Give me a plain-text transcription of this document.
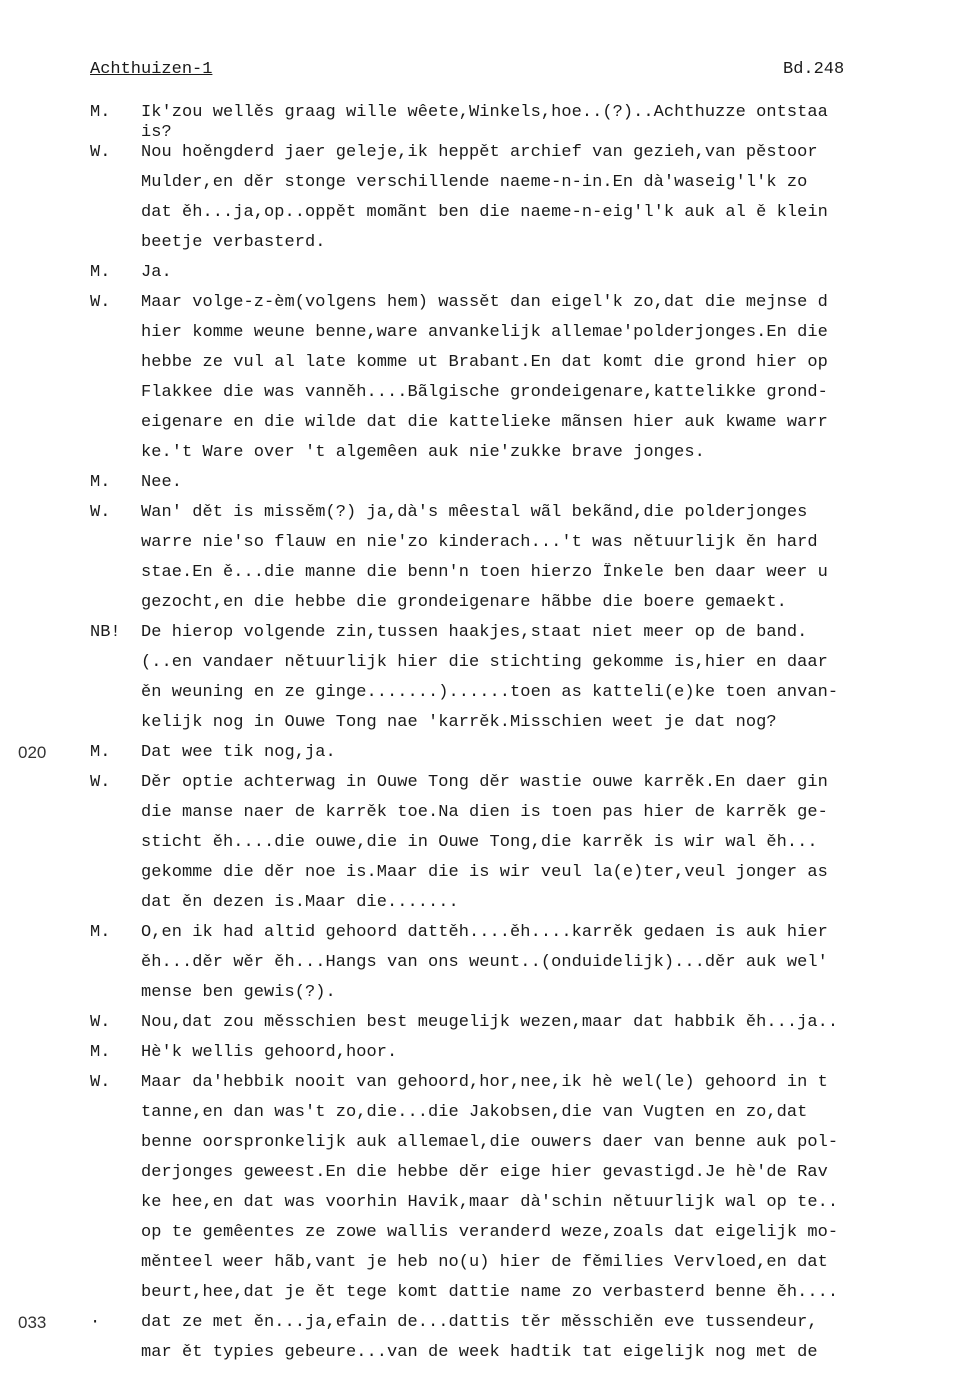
Achthuizen-1	Bd.248
M. Ik'zou wellěs graag wille wêete,Winkels,hoe..(?)..Achthuzze ontstaa
is?
W. Nou hoěngderd jaer geleje,ik heppět archief van gezieh,van pěstoor
Mulder,en děr stonge verschillende naeme-n-in.En dà'waseig'l'k zo
dat ěh...ja,op..oppět momãnt ben die naeme-n-eig'l'k auk al ě klein
beetje verbasterd.
M. Ja.
W. Maar volge-z-èm(volgens hem) wassět dan eigel'k zo,dat die mejnse d
hier komme weune benne,ware anvankelijk allemae'polderjonges.En die
hebbe ze vul al late komme ut Brabant.En dat komt die grond hier op
Flakkee die was vanněh....Bãlgische grondeigenare,kattelikke grond-
eigenare en die wilde dat die kattelieke mãnsen hier auk kwame warr
ke.'t Ware over 't algemêen auk nie'zukke brave jonges.
M. Nee.
W. Wan' dět is missěm(?) ja,dà's mêestal wãl bekãnd,die polderjonges
warre nie'so flauw en nie'zo kinderach...'t was nětuurlijk ěn hard
stae.En ě...die manne die benn'n toen hierzo Înkele ben daar weer u
gezocht,en die hebbe die grondeigenare hãbbe die boere gemaekt.
NB! De hierop volgende zin,tussen haakjes,staat niet meer op de band.
(..en vandaer nětuurlijk hier die stichting gekomme is,hier en daar
ěn weuning en ze ginge.......)......toen as katteli(e)ke toen anvan-
kelijk nog in Ouwe Tong nae 'karrěk.Misschien weet je dat nog?
020	M. Dat wee tik nog,ja.
W. Děr optie achterwag in Ouwe Tong děr wastie ouwe karrěk.En daer gin
die manse naer de karrěk toe.Na dien is toen pas hier de karrěk ge-
sticht ěh....die ouwe,die in Ouwe Tong,die karrěk is wir wal ěh...
gekomme die děr noe is.Maar die is wir veul la(e)ter,veul jonger as
dat ěn dezen is.Maar die.......
M. O,en ik had altid gehoord dattěh....ěh....karrěk gedaen is auk hier
ěh...děr wěr ěh...Hangs van ons weunt..(onduidelijk)...děr auk wel'
mense ben gewis(?).
W. Nou,dat zou měsschien best meugelijk wezen,maar dat habbik ěh...ja..
M. Hè'k wellis gehoord,hoor.
W. Maar da'hebbik nooit van gehoord,hor,nee,ik hè wel(le) gehoord in t
tanne,en dan was't zo,die...die Jakobsen,die van Vugten en zo,dat
benne oorspronkelijk auk allemael,die ouwers daer van benne auk pol-
derjonges geweest.En die hebbe děr eige hier gevastigd.Je hè'de Rav
ke hee,en dat was voorhin Havik,maar dà'schin nětuurlijk wal op te..
op te gemêentes ze zowe wallis veranderd weze,zoals dat eigelijk mo-
měnteel weer hãb,vant je heb no(u) hier de fěmilies Vervloed,en dat
beurt,hee,dat je ět tege komt dattie name zo verbasterd benne ěh....
033	· dat ze met ěn...ja,efain de...dattis těr měsschiěn eve tussendeur,
mar ět typies gebeure...van de week hadtik tat eigelijk nog met de
